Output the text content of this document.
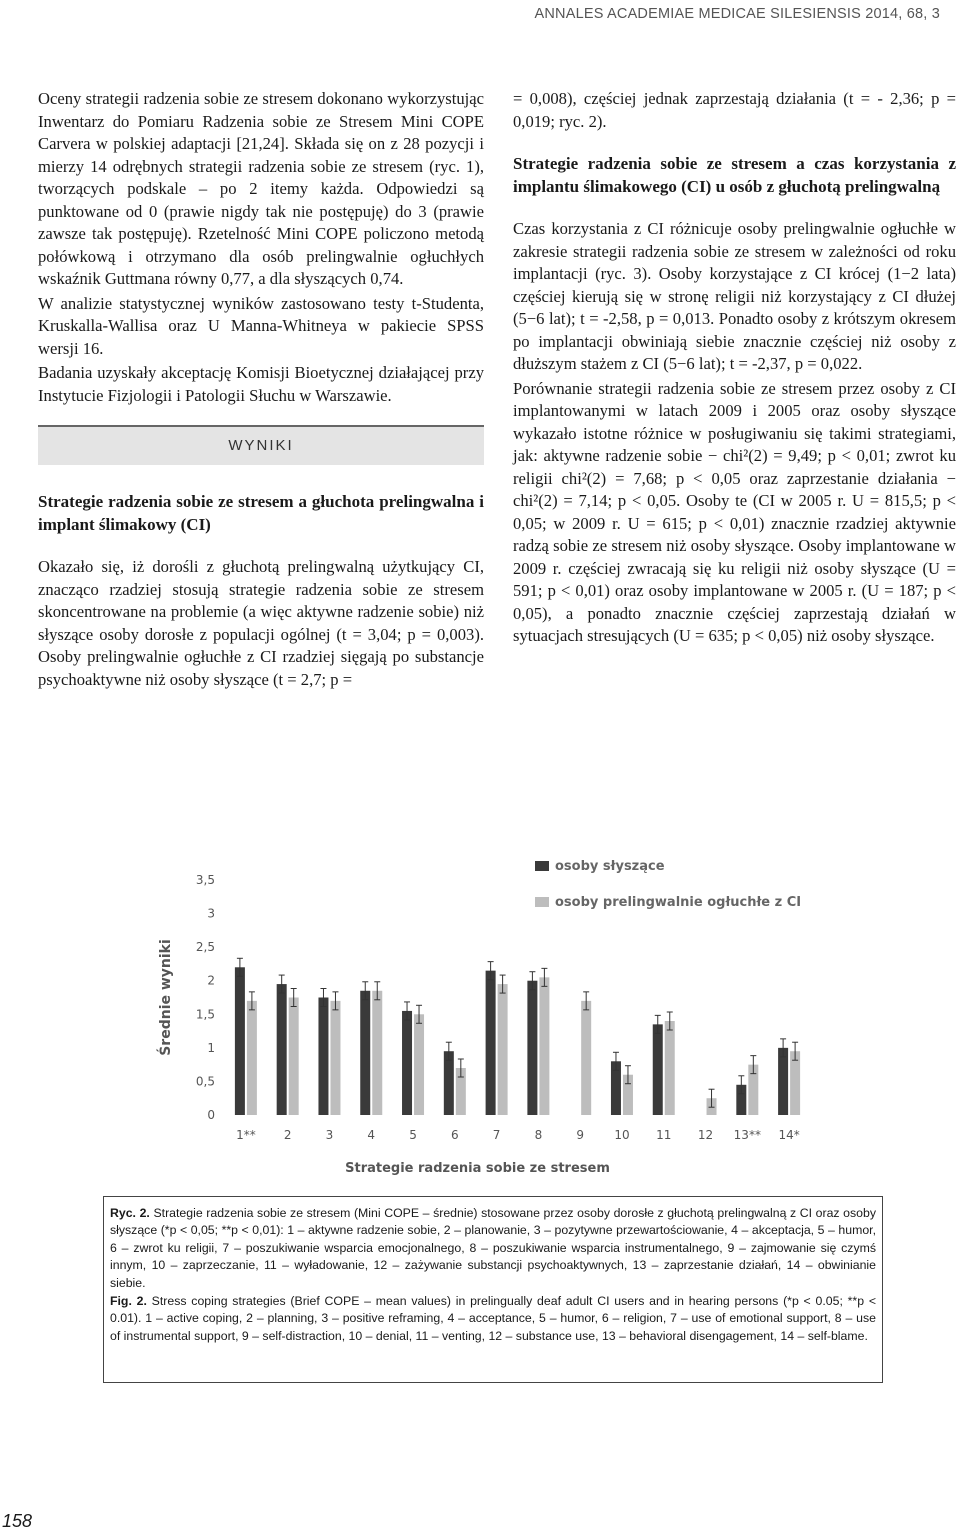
ANNALES ACADEMIAE MEDICAE SILESIENSIS 2014, 68, 3

Oceny strategii radzenia sobie ze stresem dokonano wykorzystując Inwentarz do Pomiaru Radzenia sobie ze Stresem Mini COPE Carvera w polskiej adaptacji [21,24]. Składa się on z 28 pozycji i mierzy 14 odrębnych strategii radzenia sobie ze stresem (ryc. 1), tworzących podskale – po 2 itemy każda. Odpowiedzi są punktowane od 0 (prawie nigdy tak nie postępuję) do 3 (prawie zawsze tak postępuję). Rzetelność Mini COPE policzono metodą połówkową i otrzymano dla osób prelingwalnie ogłuchłych wskaźnik Guttmana równy 0,77, a dla słyszących 0,74.

W analizie statystycznej wyników zastosowano testy t-Studenta, Kruskalla-Wallisa oraz U Manna-Whitneya w pakiecie SPSS wersji 16.

Badania uzyskały akceptację Komisji Bioetycznej działającej przy Instytucie Fizjologii i Patologii Słuchu w Warszawie.

WYNIKI

Strategie radzenia sobie ze stresem a głuchota prelingwalna i implant ślimakowy (CI)

Okazało się, iż dorośli z głuchotą prelingwalną użytkujący CI, znacząco rzadziej stosują strategie radzenia sobie ze stresem skoncentrowane na problemie (a więc aktywne radzenie sobie) niż słyszące osoby dorosłe z populacji ogólnej (t = 3,04; p = 0,003). Osoby prelingwalnie ogłuchłe z CI rzadziej sięgają po substancje psychoaktywne niż osoby słyszące (t = 2,7; p =

= 0,008), częściej jednak zaprzestają działania (t = - 2,36; p = 0,019; ryc. 2).

Strategie radzenia sobie ze stresem a czas korzystania z implantu ślimakowego (CI) u osób z głuchotą prelingwalną

Czas korzystania z CI różnicuje osoby prelingwalnie ogłuchłe w zakresie strategii radzenia sobie ze stresem w zależności od roku implantacji (ryc. 3). Osoby korzystające z CI krócej (1−2 lata) częściej kierują się w stronę religii niż korzystający z CI dłużej (5−6 lat); t = -2,58, p = 0,013. Ponadto osoby z krótszym okresem po implantacji obwiniają siebie znacznie częściej niż osoby z dłuższym stażem z CI (5−6 lat); t = -2,37, p = 0,022.

Porównanie strategii radzenia sobie ze stresem przez osoby z CI implantowanymi w latach 2009 i 2005 oraz osoby słyszące wykazało istotne różnice w posługiwaniu się takimi strategiami, jak: aktywne radzenie sobie − chi²(2) = 9,49; p < 0,01; zwrot ku religii chi²(2) = 7,68; p < 0,05 oraz zaprzestanie działania − chi²(2) = 7,14; p < 0,05. Osoby te (CI w 2005 r. U = 815,5; p < 0,05; w 2009 r. U = 615; p < 0,01) znacznie rzadziej aktywnie radzą sobie ze stresem niż osoby słyszące. Osoby implantowane w 2009 r. częściej zwracają się ku religii niż osoby słyszące (U = 591; p < 0,01) oraz osoby implantowane w 2005 r. (U = 187; p < 0,05), a ponadto znacznie częściej zaprzestają działań w sytuacjach stresujących (U = 635; p < 0,05) niż osoby słyszące.

osoby słyszące
osoby prelingwalnie ogłuchłe z CI
0
0,5
1
1,5
2
2,5
3
3,5
Średnie wyniki
Strategie radzenia sobie ze stresem
1** 2	3	4	5	6	7	8	9	10 11 12 13** 14*

Ryc. 2. Strategie radzenia sobie ze stresem (Mini COPE – średnie) stosowane przez osoby dorosłe z głuchotą prelingwalną z CI oraz osoby słyszące (*p < 0,05; **p < 0,01): 1 – aktywne radzenie sobie, 2 – planowanie, 3 – pozytywne przewartościowanie, 4 – akceptacja, 5 – humor, 6 – zwrot ku religii, 7 – poszukiwanie wsparcia emocjonalnego, 8 – poszukiwanie wsparcia instrumentalnego, 9 – zajmowanie się czymś innym, 10 – zaprzeczanie, 11 – wyładowanie, 12 – zażywanie substancji psychoaktywnych, 13 – zaprzestanie działań, 14 – obwinianie siebie.

Fig. 2. Stress coping strategies (Brief COPE – mean values) in prelingually deaf adult CI users and in hearing persons (*p < 0.05; **p < 0.01). 1 – active coping, 2 – planning, 3 – positive reframing, 4 – acceptance, 5 – humor, 6 – religion, 7 – use of emotional support, 8 – use of instrumental support, 9 – self-distraction, 10 – denial, 11 – venting, 12 – substance use, 13 – behavioral disengagement, 14 – self-blame.

158
